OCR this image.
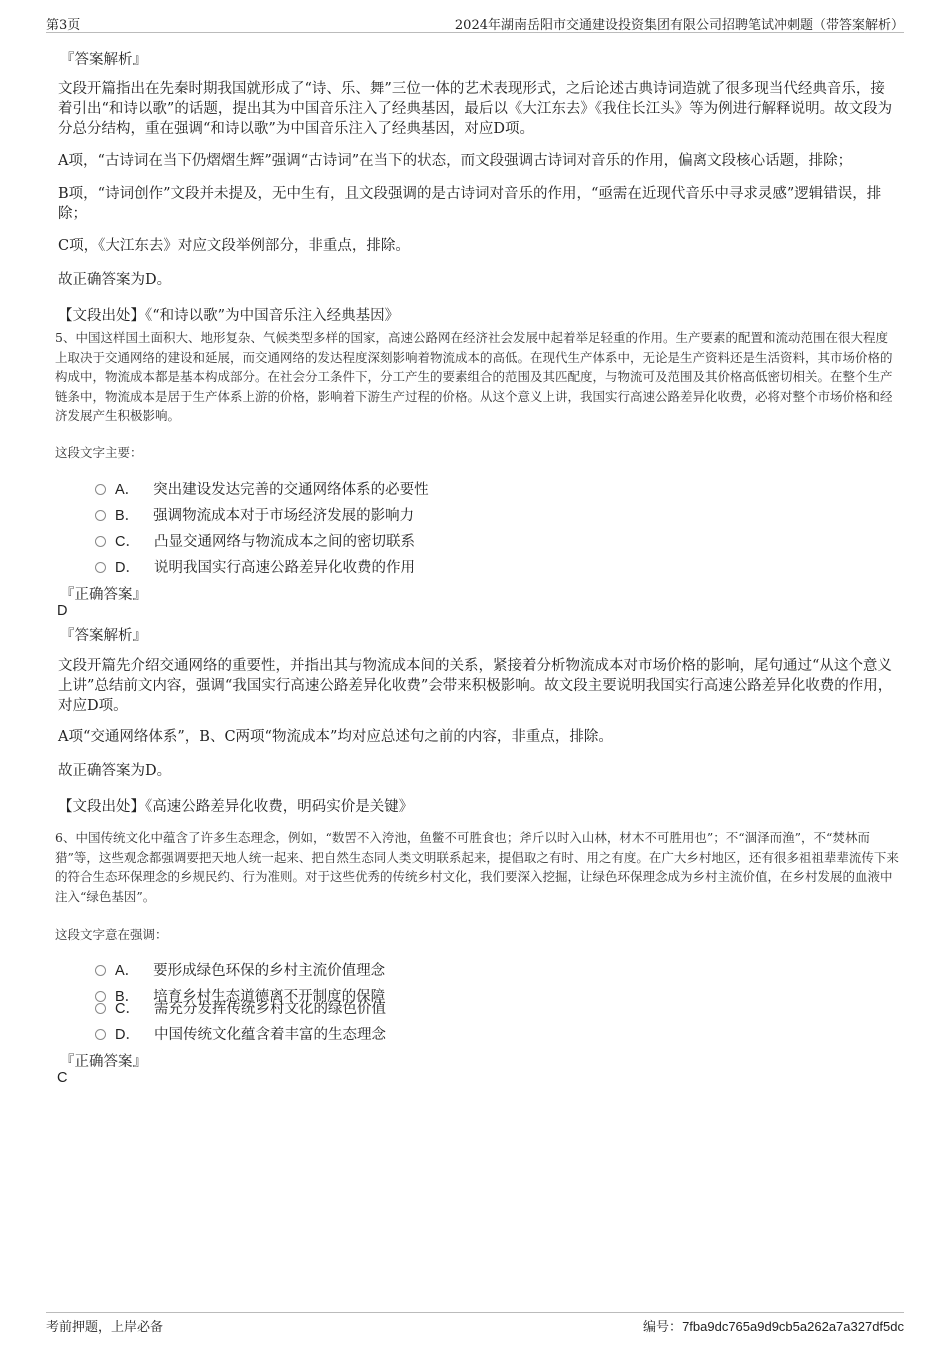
第3页	2024年湖南岳阳市交通建设投资集团有限公司招聘笔试冲刺题（带答案解析）
『答案解析』
文段开篇指出在先秦时期我国就形成了“诗、乐、舞”三位一体的艺术表现形式，之后论述古典诗词造就了很多现当代经典音乐，接着引出“和诗以歌”的话题，提出其为中国音乐注入了经典基因，最后以《大江东去》《我住长江头》等为例进行解释说明。故文段为分总分结构，重在强调“和诗以歌”为中国音乐注入了经典基因，对应D项。
A项，“古诗词在当下仍熠熠生辉”强调“古诗词”在当下的状态，而文段强调古诗词对音乐的作用，偏离文段核心话题，排除；
B项，“诗词创作”文段并未提及，无中生有，且文段强调的是古诗词对音乐的作用，“亟需在近现代音乐中寻求灵感”逻辑错误，排除；
C项，《大江东去》对应文段举例部分，非重点，排除。
故正确答案为D。
【文段出处】《“和诗以歌”为中国音乐注入经典基因》
5、中国这样国土面积大、地形复杂、气候类型多样的国家，高速公路网在经济社会发展中起着举足轻重的作用。生产要素的配置和流动范围在很大程度上取决于交通网络的建设和延展，而交通网络的发达程度深刻影响着物流成本的高低。在现代生产体系中，无论是生产资料还是生活资料，其市场价格的构成中，物流成本都是基本构成部分。在社会分工条件下，分工产生的要素组合的范围及其匹配度，与物流可及范围及其价格高低密切相关。在整个生产链条中，物流成本是居于生产体系上游的价格，影响着下游生产过程的价格。从这个意义上讲，我国实行高速公路差异化收费，必将对整个市场价格和经济发展产生积极影响。
这段文字主要：
A． 突出建设发达完善的交通网络体系的必要性
B． 强调物流成本对于市场经济发展的影响力
C． 凸显交通网络与物流成本之间的密切联系
D． 说明我国实行高速公路差异化收费的作用
『正确答案』
D
『答案解析』
文段开篇先介绍交通网络的重要性，并指出其与物流成本间的关系，紧接着分析物流成本对市场价格的影响，尾句通过“从这个意义上讲”总结前文内容，强调“我国实行高速公路差异化收费”会带来积极影响。故文段主要说明我国实行高速公路差异化收费的作用，对应D项。
A项“交通网络体系”，B、C两项“物流成本”均对应总述句之前的内容，非重点，排除。
故正确答案为D。
【文段出处】《高速公路差异化收费，明码实价是关键》
6、中国传统文化中蕴含了许多生态理念，例如，“数罟不入洿池，鱼鳖不可胜食也；斧斤以时入山林，材木不可胜用也”；不“涸泽而渔”，不“焚林而猎”等，这些观念都强调要把天地人统一起来、把自然生态同人类文明联系起来，提倡取之有时、用之有度。在广大乡村地区，还有很多祖祖辈辈流传下来的符合生态环保理念的乡规民约、行为准则。对于这些优秀的传统乡村文化，我们要深入挖掘，让绿色环保理念成为乡村主流价值，在乡村发展的血液中注入“绿色基因”。
这段文字意在强调：
A． 要形成绿色环保的乡村主流价值理念
B． 培育乡村生态道德离不开制度的保障
C． 需充分发挥传统乡村文化的绿色价值
D． 中国传统文化蕴含着丰富的生态理念
『正确答案』
C
考前押题，上岸必备	编号：7fba9dc765a9d9cb5a262a7a327df5dc
